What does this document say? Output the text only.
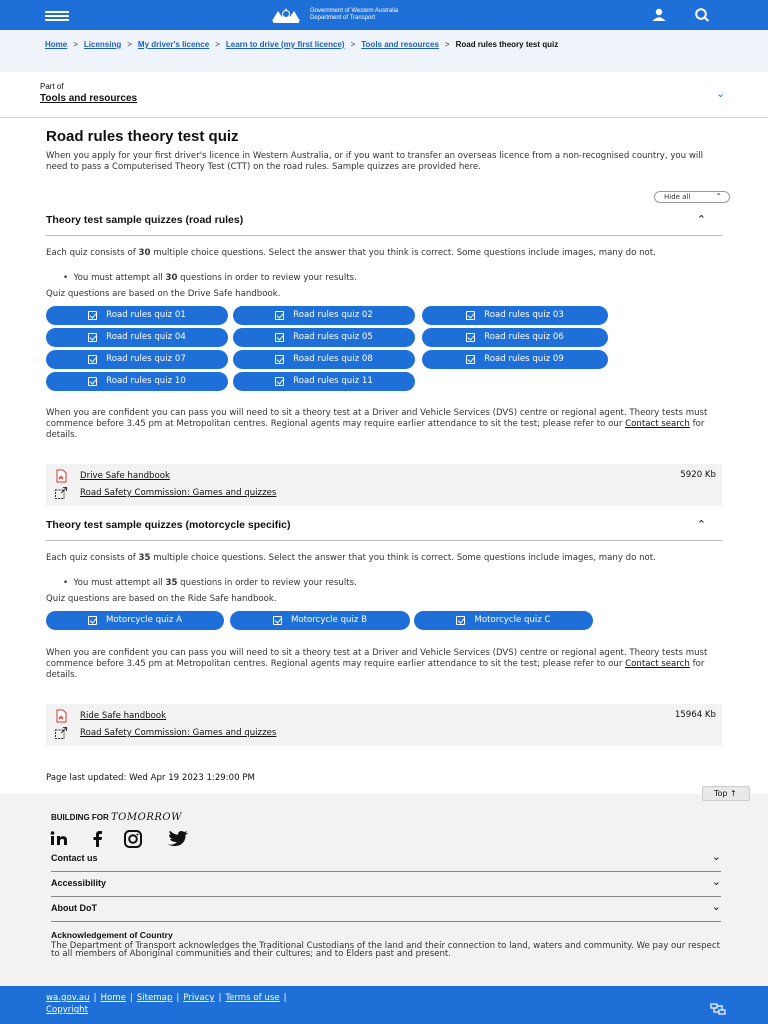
Government of Western Australia
Department of Transport
Home > Licensing > My driver's licence > Learn to drive (my first licence) > Tools and resources > Road rules theory test quiz
Part of
Tools and resources	⌄
Road rules theory test quiz
When you apply for your first driver's licence in Western Australia, or if you want to transfer an overseas licence from a non-recognised country, you will need to pass a Computerised Theory Test (CTT) on the road rules. Sample quizzes are provided here.
Hide all	⌃
Theory test sample quizzes (road rules)	⌃
Each quiz consists of 30 multiple choice questions. Select the answer that you think is correct. Some questions include images, many do not.
•  You must attempt all 30 questions in order to review your results.
Quiz questions are based on the Drive Safe handbook.
Road rules quiz 01	Road rules quiz 02	Road rules quiz 03
Road rules quiz 04	Road rules quiz 05	Road rules quiz 06
Road rules quiz 07	Road rules quiz 08	Road rules quiz 09
Road rules quiz 10	Road rules quiz 11
When you are confident you can pass you will need to sit a theory test at a Driver and Vehicle Services (DVS) centre or regional agent. Theory tests must commence before 3.45 pm at Metropolitan centres. Regional agents may require earlier attendance to sit the test; please refer to our Contact search for details.
Drive Safe handbook	5920 Kb
Road Safety Commission: Games and quizzes
Theory test sample quizzes (motorcycle specific)	⌃
Each quiz consists of 35 multiple choice questions. Select the answer that you think is correct. Some questions include images, many do not.
•  You must attempt all 35 questions in order to review your results.
Quiz questions are based on the Ride Safe handbook.
Motorcycle quiz A	Motorcycle quiz B	Motorcycle quiz C
When you are confident you can pass you will need to sit a theory test at a Driver and Vehicle Services (DVS) centre or regional agent. Theory tests must commence before 3.45 pm at Metropolitan centres. Regional agents may require earlier attendance to sit the test; please refer to our Contact search for details.
Ride Safe handbook	15964 Kb
Road Safety Commission: Games and quizzes
Page last updated: Wed Apr 19 2023 1:29:00 PM
Top ↑
BUILDING FOR TOMORROW
Contact us	⌄
Accessibility	⌄
About DoT	⌄
Acknowledgement of Country
The Department of Transport acknowledges the Traditional Custodians of the land and their connection to land, waters and community. We pay our respect to all members of Aboriginal communities and their cultures; and to Elders past and present.
wa.gov.au | Home | Sitemap | Privacy | Terms of use |
Copyright
